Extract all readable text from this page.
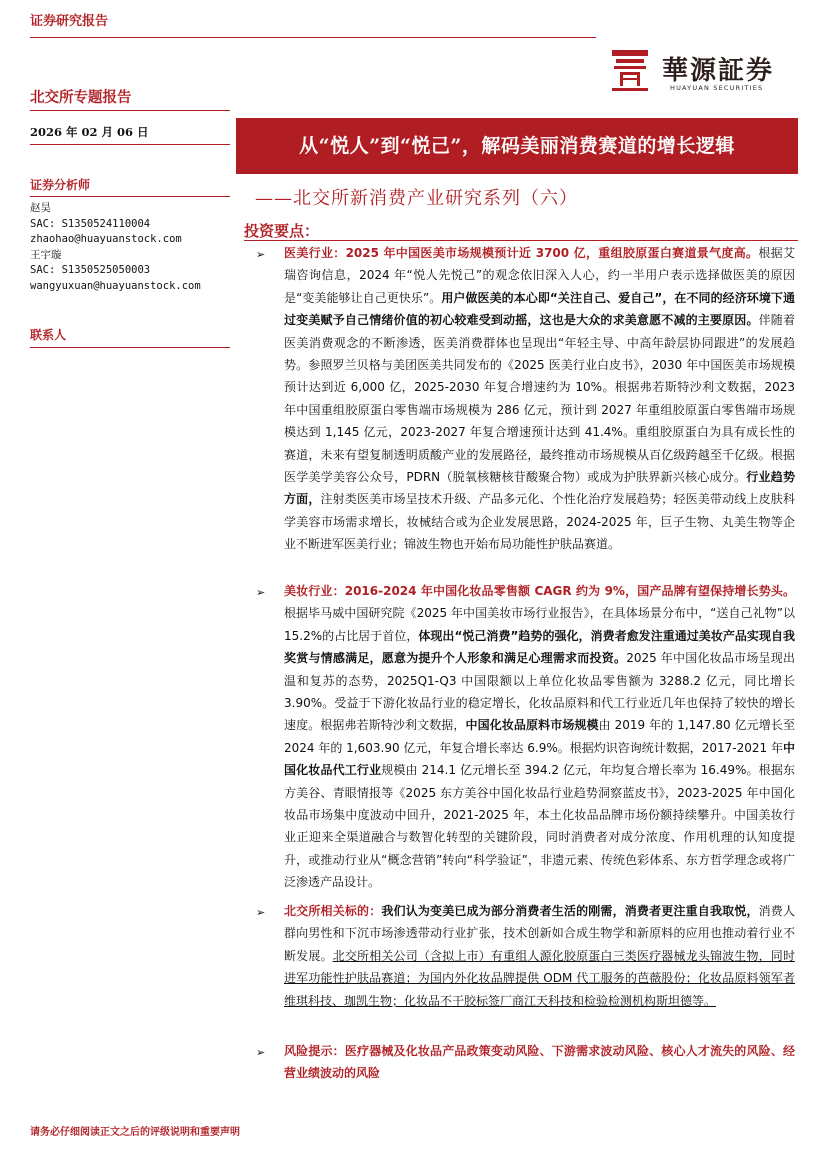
证券研究报告
華源証券
HUAYUAN SECURITIES
北交所专题报告
2026 年 02 月 06 日
证券分析师
赵昊
SAC: S1350524110004
zhaohao@huayuanstock.com
王宇璇
SAC: S1350525050003
wangyuxuan@huayuanstock.com
联系人
从“悦人”到“悦己”，解码美丽消费赛道的增长逻辑
——北交所新消费产业研究系列（六）
投资要点：
➢ 医美行业：2025 年中国医美市场规模预计近 3700 亿，重组胶原蛋白赛道景气度高。根据艾瑞咨询信息，2024 年“悦人先悦己”的观念依旧深入人心，约一半用户表示选择做医美的原因是“变美能够让自己更快乐”。用户做医美的本心即“关注自己、爱自己”，在不同的经济环境下通过变美赋予自己情绪价值的初心较难受到动摇，这也是大众的求美意愿不减的主要原因。伴随着医美消费观念的不断渗透，医美消费群体也呈现出“年轻主导、中高年龄层协同跟进”的发展趋势。参照罗兰贝格与美团医美共同发布的《2025 医美行业白皮书》，2030 年中国医美市场规模预计达到近 6,000 亿，2025-2030 年复合增速约为 10%。根据弗若斯特沙利文数据，2023 年中国重组胶原蛋白零售端市场规模为 286 亿元，预计到 2027 年重组胶原蛋白零售端市场规模达到 1,145 亿元，2023-2027 年复合增速预计达到 41.4%。重组胶原蛋白为具有成长性的赛道，未来有望复制透明质酸产业的发展路径，最终推动市场规模从百亿级跨越至千亿级。根据医学美学美容公众号，PDRN（脱氧核糖核苷酸聚合物）或成为护肤界新兴核心成分。行业趋势方面，注射类医美市场呈技术升级、产品多元化、个性化治疗发展趋势；轻医美带动线上皮肤科学美容市场需求增长，妆械结合或为企业发展思路，2024-2025 年，巨子生物、丸美生物等企业不断进军医美行业；锦波生物也开始布局功能性护肤品赛道。
➢ 美妆行业：2016-2024 年中国化妆品零售额 CAGR 约为 9%，国产品牌有望保持增长势头。根据毕马威中国研究院《2025 年中国美妆市场行业报告》，在具体场景分布中，“送自己礼物”以 15.2%的占比居于首位，体现出“悦己消费”趋势的强化，消费者愈发注重通过美妆产品实现自我奖赏与情感满足，愿意为提升个人形象和满足心理需求而投资。2025 年中国化妆品市场呈现出温和复苏的态势，2025Q1-Q3 中国限额以上单位化妆品零售额为 3288.2 亿元，同比增长 3.90%。受益于下游化妆品行业的稳定增长，化妆品原料和代工行业近几年也保持了较快的增长速度。根据弗若斯特沙利文数据，中国化妆品原料市场规模由 2019 年的 1,147.80 亿元增长至 2024 年的 1,603.90 亿元，年复合增长率达 6.9%。根据灼识咨询统计数据，2017-2021 年中国化妆品代工行业规模由 214.1 亿元增长至 394.2 亿元，年均复合增长率为 16.49%。根据东方美谷、青眼情报等《2025 东方美谷中国化妆品行业趋势洞察蓝皮书》，2023-2025 年中国化妆品市场集中度波动中回升，2021-2025 年，本土化妆品品牌市场份额持续攀升。中国美妆行业正迎来全渠道融合与数智化转型的关键阶段，同时消费者对成分浓度、作用机理的认知度提升，或推动行业从“概念营销”转向“科学验证”，非遗元素、传统色彩体系、东方哲学理念或将广泛渗透产品设计。
➢ 北交所相关标的：我们认为变美已成为部分消费者生活的刚需，消费者更注重自我取悦，消费人群向男性和下沉市场渗透带动行业扩张，技术创新如合成生物学和新原料的应用也推动着行业不断发展。北交所相关公司（含拟上市）有重组人源化胶原蛋白三类医疗器械龙头锦波生物，同时进军功能性护肤品赛道；为国内外化妆品牌提供 ODM 代工服务的芭薇股份；化妆品原料领军者维琪科技、珈凯生物；化妆品不干胶标签厂商江天科技和检验检测机构斯坦德等。
➢ 风险提示：医疗器械及化妆品产品政策变动风险、下游需求波动风险、核心人才流失的风险、经营业绩波动的风险
请务必仔细阅读正文之后的评级说明和重要声明
